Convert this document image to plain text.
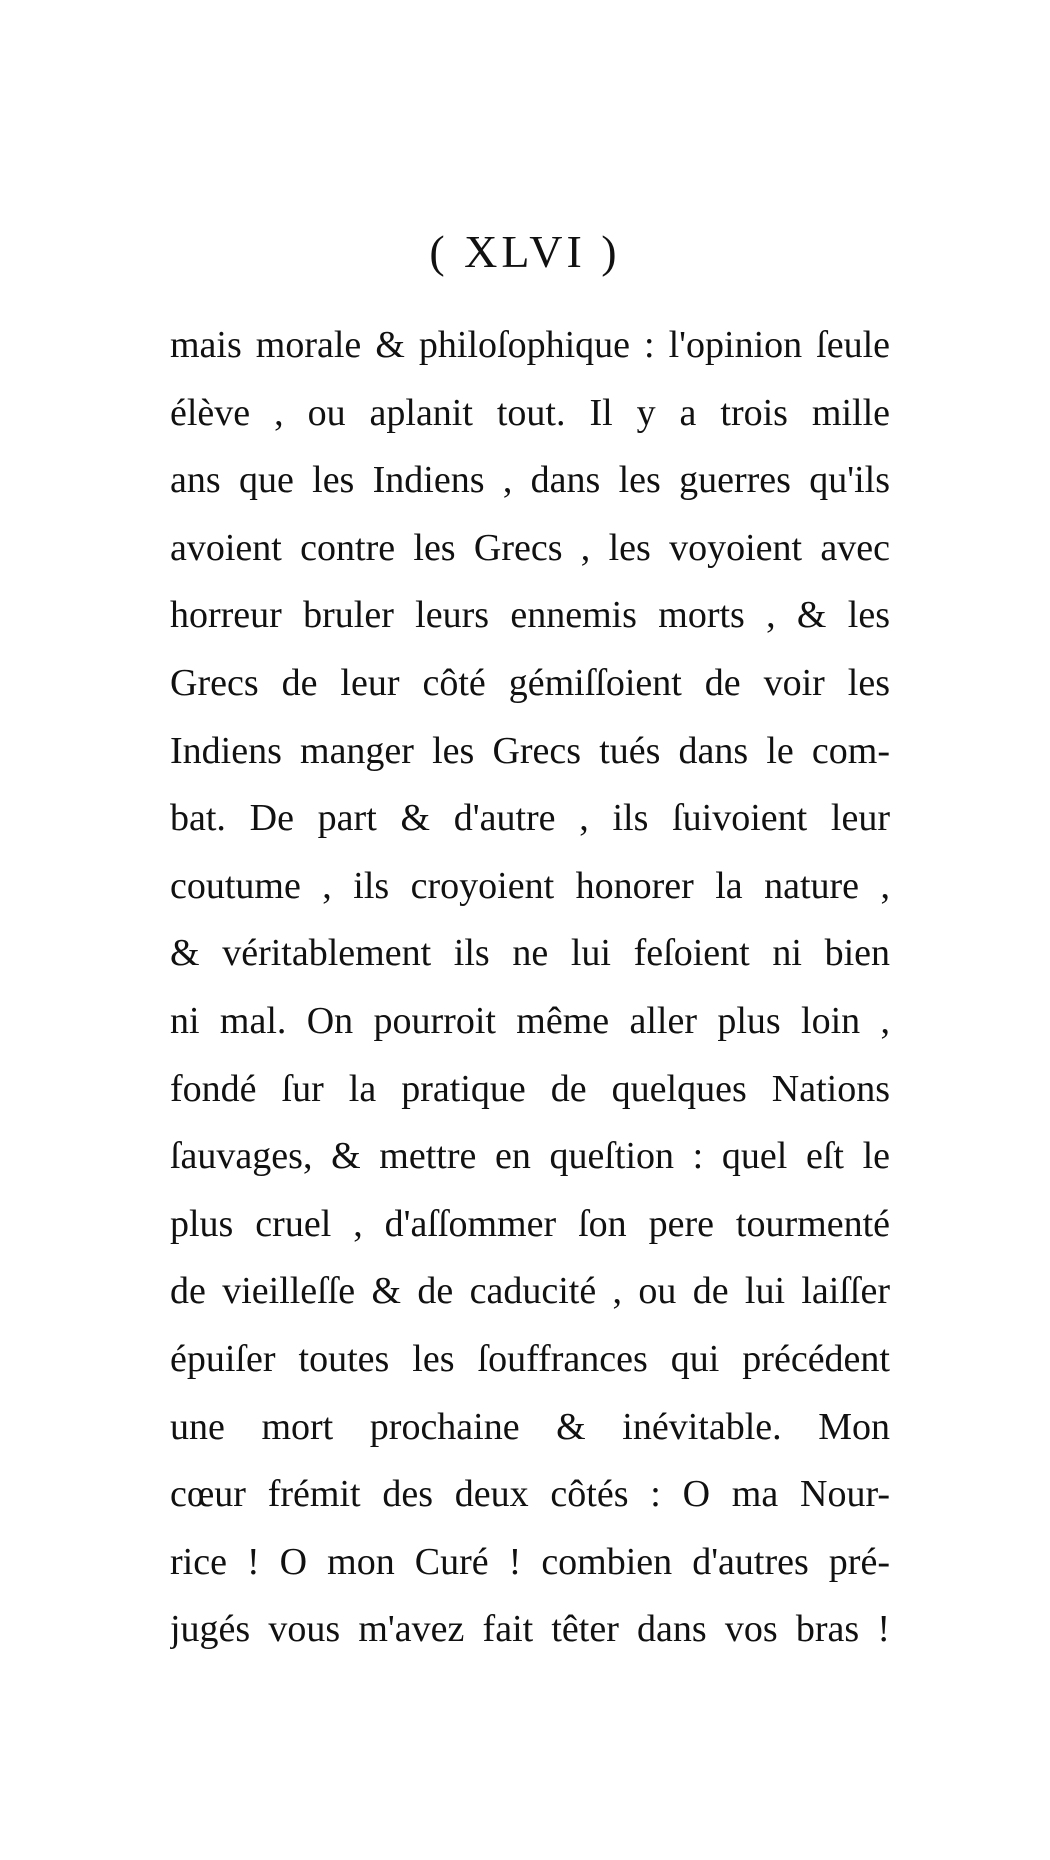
( XLVI )
mais morale & philoſophique : l'opinion ſeule
élève , ou aplanit tout. Il y a trois mille
ans que les Indiens , dans les guerres qu'ils
avoient contre les Grecs , les voyoient avec
horreur bruler leurs ennemis morts , & les
Grecs de leur côté gémiſſoient de voir les
Indiens manger les Grecs tués dans le com-
bat. De part & d'autre , ils ſuivoient leur
coutume , ils croyoient honorer la nature ,
& véritablement ils ne lui feſoient ni bien
ni mal. On pourroit même aller plus loin ,
fondé ſur la pratique de quelques Nations
ſauvages, & mettre en queſtion : quel eſt le
plus cruel , d'aſſommer ſon pere tourmenté
de vieilleſſe & de caducité , ou de lui laiſſer
épuiſer toutes les ſouffrances qui précédent
une mort prochaine & inévitable. Mon
cœur frémit des deux côtés : O ma Nour-
rice ! O mon Curé ! combien d'autres pré-
jugés vous m'avez fait têter dans vos bras !
